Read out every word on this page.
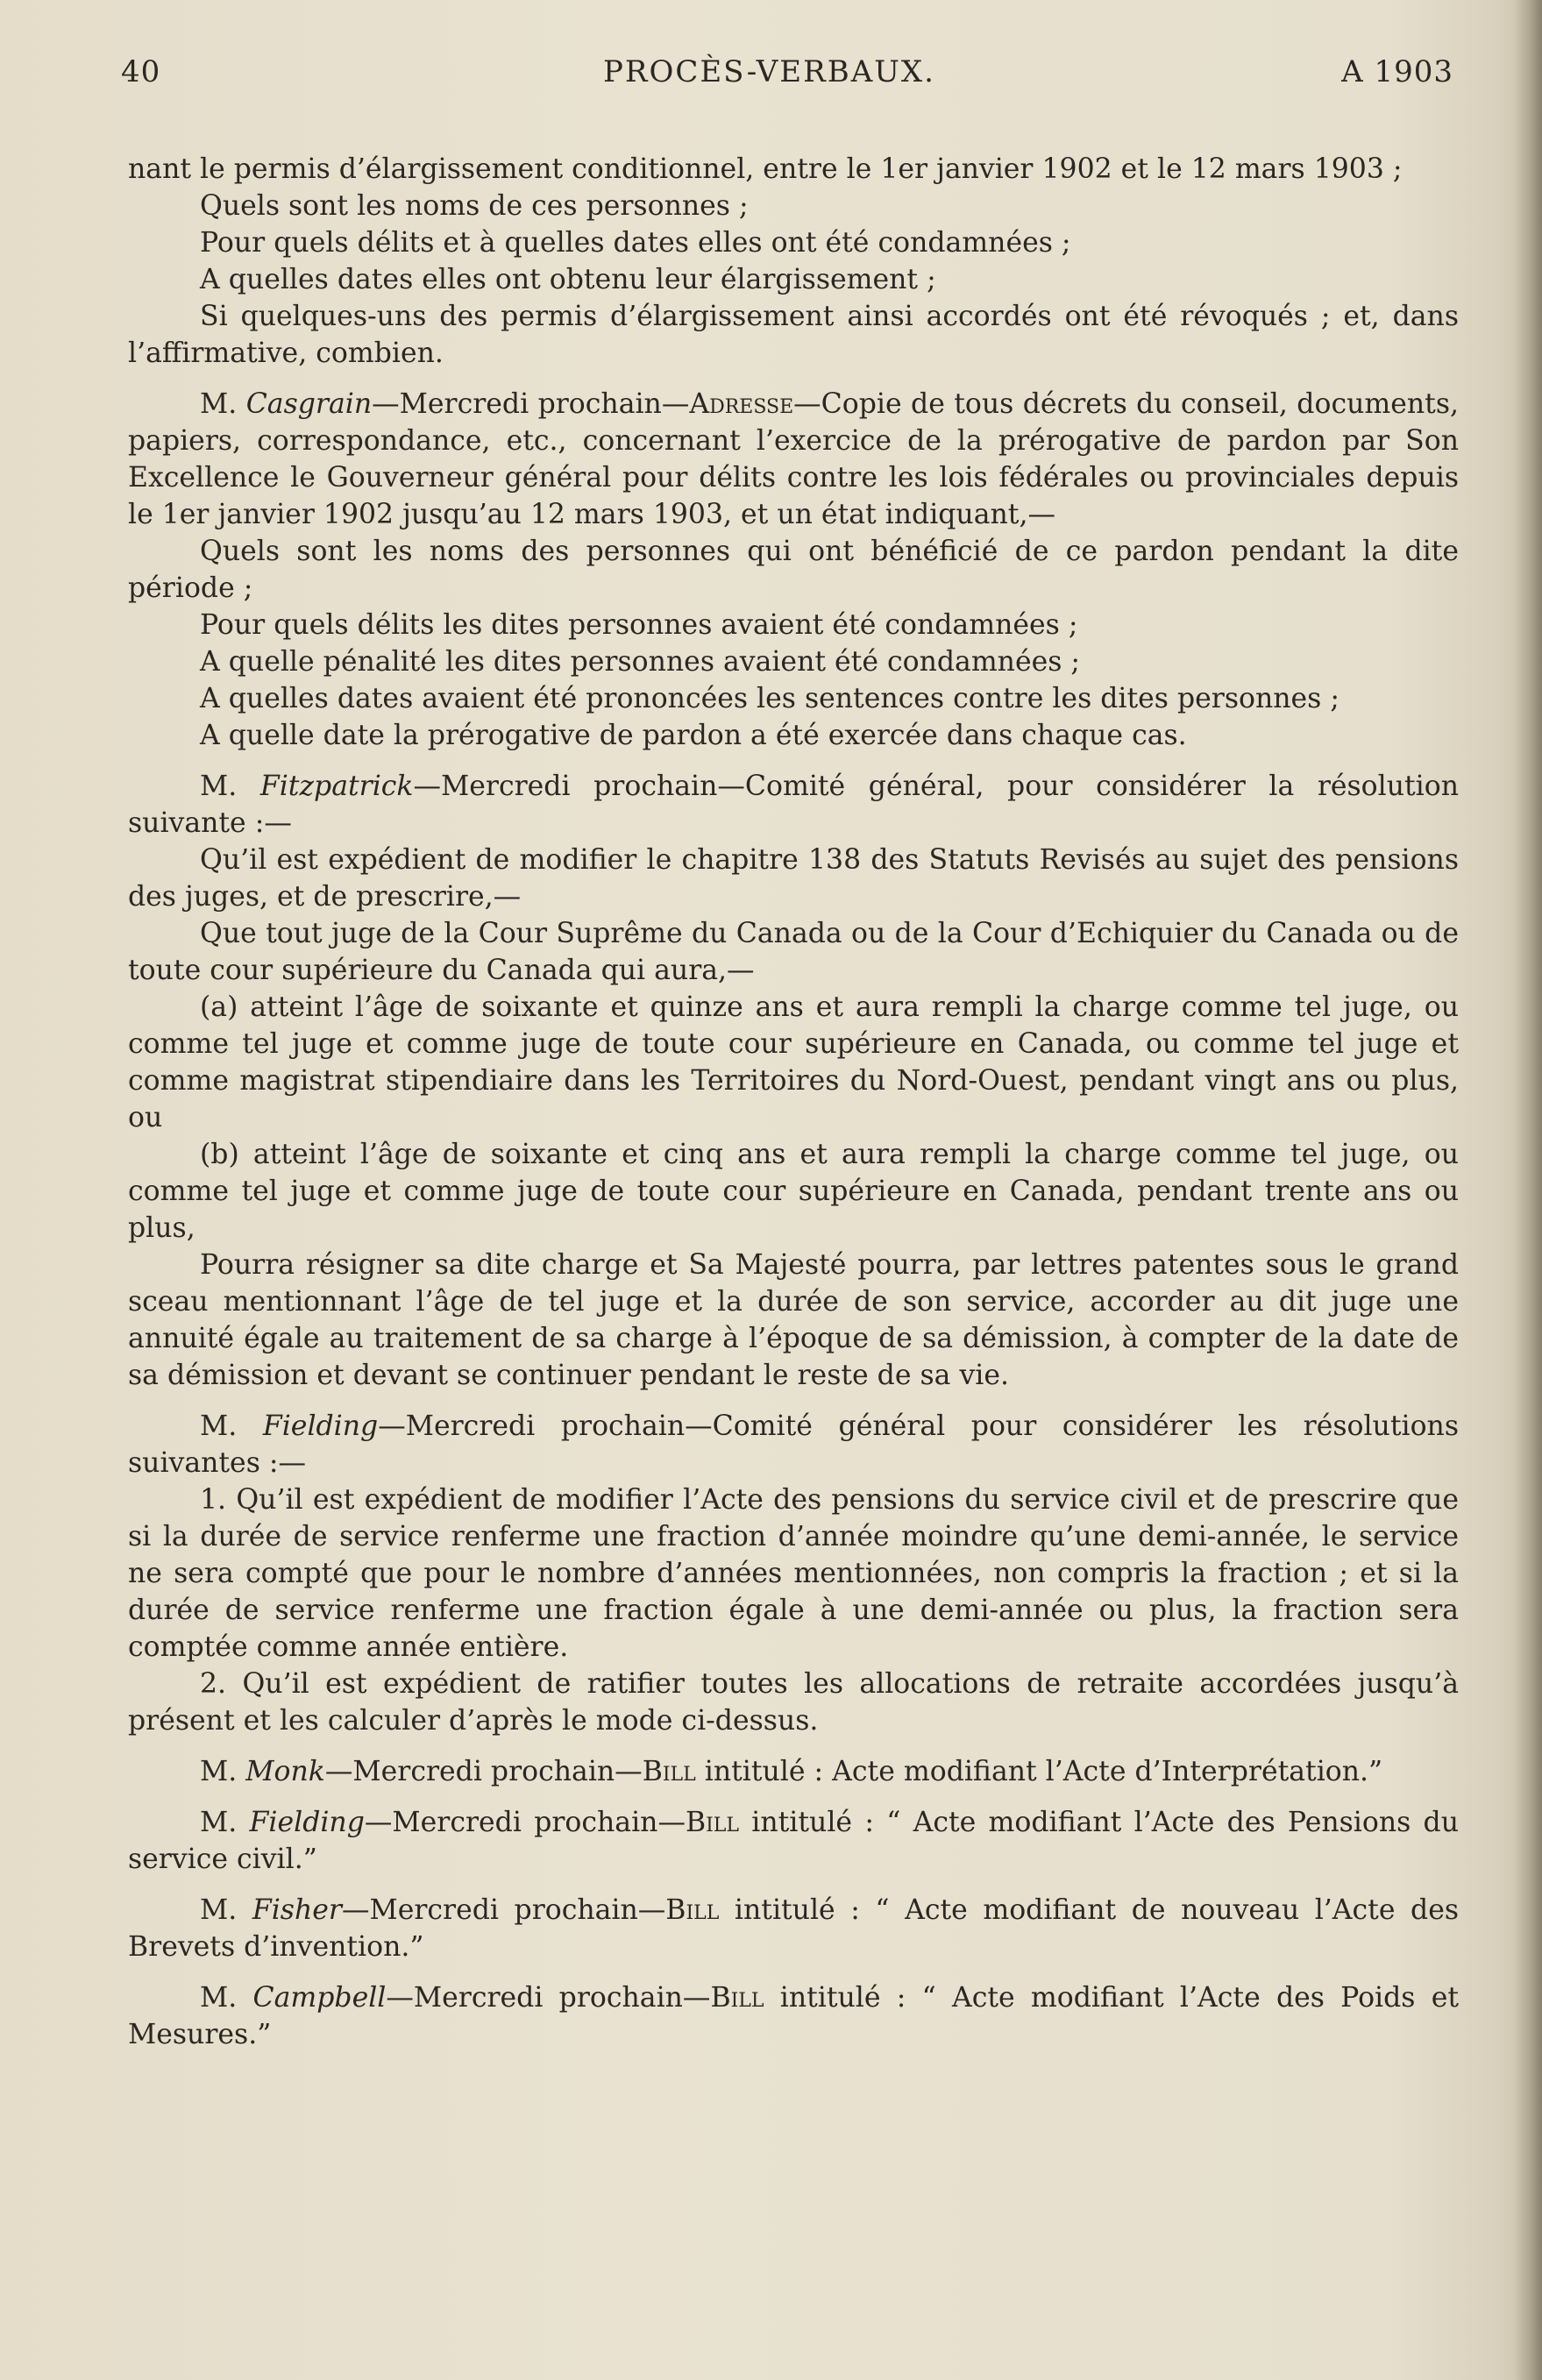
40	PROCÈS-VERBAUX.	A 1903

nant le permis d’élargissement conditionnel, entre le 1er janvier 1902 et le 12 mars 1903 ;

Quels sont les noms de ces personnes ;

Pour quels délits et à quelles dates elles ont été condamnées ;

A quelles dates elles ont obtenu leur élargissement ;

Si quelques-uns des permis d’élargissement ainsi accordés ont été révoqués ; et, dans l’affirmative, combien.

M. Casgrain—Mercredi prochain—Adresse—Copie de tous décrets du conseil, documents, papiers, correspondance, etc., concernant l’exercice de la prérogative de pardon par Son Excellence le Gouverneur général pour délits contre les lois fédérales ou provinciales depuis le 1er janvier 1902 jusqu’au 12 mars 1903, et un état indiquant,—

Quels sont les noms des personnes qui ont bénéficié de ce pardon pendant la dite période ;

Pour quels délits les dites personnes avaient été condamnées ;

A quelle pénalité les dites personnes avaient été condamnées ;

A quelles dates avaient été prononcées les sentences contre les dites personnes ;

A quelle date la prérogative de pardon a été exercée dans chaque cas.

M. Fitzpatrick—Mercredi prochain—Comité général, pour considérer la résolution suivante :—

Qu’il est expédient de modifier le chapitre 138 des Statuts Revisés au sujet des pensions des juges, et de prescrire,—

Que tout juge de la Cour Suprême du Canada ou de la Cour d’Echiquier du Canada ou de toute cour supérieure du Canada qui aura,—

(a) atteint l’âge de soixante et quinze ans et aura rempli la charge comme tel juge, ou comme tel juge et comme juge de toute cour supérieure en Canada, ou comme tel juge et comme magistrat stipendiaire dans les Territoires du Nord-Ouest, pendant vingt ans ou plus, ou

(b) atteint l’âge de soixante et cinq ans et aura rempli la charge comme tel juge, ou comme tel juge et comme juge de toute cour supérieure en Canada, pendant trente ans ou plus,

Pourra résigner sa dite charge et Sa Majesté pourra, par lettres patentes sous le grand sceau mentionnant l’âge de tel juge et la durée de son service, accorder au dit juge une annuité égale au traitement de sa charge à l’époque de sa démission, à compter de la date de sa démission et devant se continuer pendant le reste de sa vie.

M. Fielding—Mercredi prochain—Comité général pour considérer les résolutions suivantes :—

1. Qu’il est expédient de modifier l’Acte des pensions du service civil et de prescrire que si la durée de service renferme une fraction d’année moindre qu’une demi-année, le service ne sera compté que pour le nombre d’années mentionnées, non compris la fraction ; et si la durée de service renferme une fraction égale à une demi-année ou plus, la fraction sera comptée comme année entière.

2. Qu’il est expédient de ratifier toutes les allocations de retraite accordées jusqu’à présent et les calculer d’après le mode ci-dessus.

M. Monk—Mercredi prochain—Bill intitulé : Acte modifiant l’Acte d’Interprétation.”

M. Fielding—Mercredi prochain—Bill intitulé : “ Acte modifiant l’Acte des Pensions du service civil.”

M. Fisher—Mercredi prochain—Bill intitulé : “ Acte modifiant de nouveau l’Acte des Brevets d’invention.”

M. Campbell—Mercredi prochain—Bill intitulé : “ Acte modifiant l’Acte des Poids et Mesures.”
